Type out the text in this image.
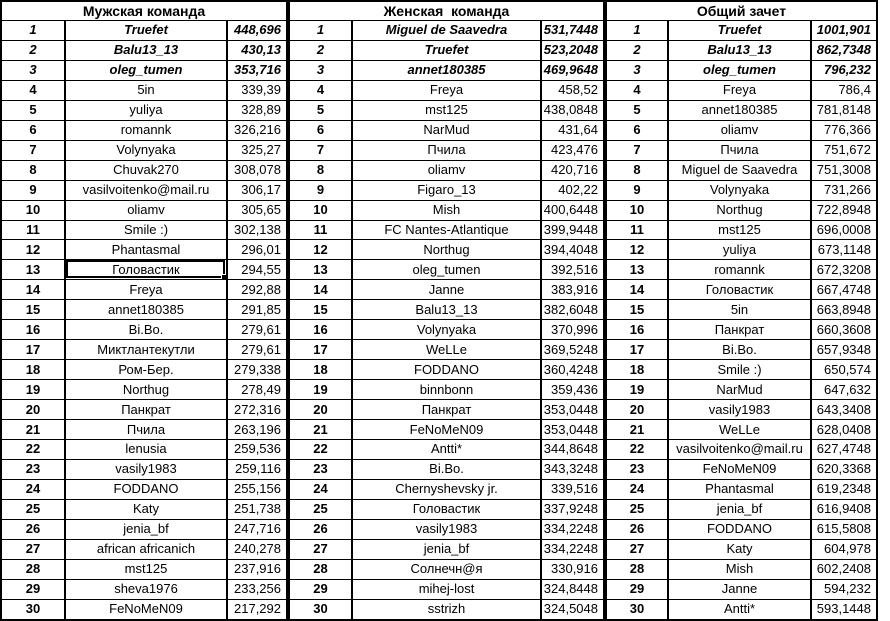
Мужская команда		
1	Truefet	448,696
2	Balu13_13	430,13
3	oleg_tumen	353,716
4	5in	339,39
5	yuliya	328,89
6	romannk	326,216
7	Volynyaka	325,27
8	Chuvak270	308,078
9	vasilvoitenko@mail.ru	306,17
10	oliamv	305,65
11	Smile :)	302,138
12	Phantasmal	296,01
13	Головастик	294,55
14	Freya	292,88
15	annet180385	291,85
16	Bi.Bo.	279,61
17	Миктлантекутли	279,61
18	Ром-Бер.	279,338
19	Northug	278,49
20	Панкрат	272,316
21	Пчила	263,196
22	lenusia	259,536
23	vasily1983	259,116
24	FODDANO	255,156
25	Katy	251,738
26	jenia_bf	247,716
27	african africanich	240,278
28	mst125	237,916
29	sheva1976	233,256
30	FeNoMeN09	217,292
Женская  команда		
1	Miguel de Saavedra	531,7448
2	Truefet	523,2048
3	annet180385	469,9648
4	Freya	458,52
5	mst125	438,0848
6	NarMud	431,64
7	Пчила	423,476
8	oliamv	420,716
9	Figaro_13	402,22
10	Mish	400,6448
11	FC Nantes-Atlantique	399,9448
12	Northug	394,4048
13	oleg_tumen	392,516
14	Janne	383,916
15	Balu13_13	382,6048
16	Volynyaka	370,996
17	WeLLe	369,5248
18	FODDANO	360,4248
19	binnbonn	359,436
20	Панкрат	353,0448
21	FeNoMeN09	353,0448
22	Antti*	344,8648
23	Bi.Bo.	343,3248
24	Chernyshevsky jr.	339,516
25	Головастик	337,9248
26	vasily1983	334,2248
27	jenia_bf	334,2248
28	Солнечн@я	330,916
29	mihej-lost	324,8448
30	sstrizh	324,5048
Общий зачет		
1	Truefet	1001,901
2	Balu13_13	862,7348
3	oleg_tumen	796,232
4	Freya	786,4
5	annet180385	781,8148
6	oliamv	776,366
7	Пчила	751,672
8	Miguel de Saavedra	751,3008
9	Volynyaka	731,266
10	Northug	722,8948
11	mst125	696,0008
12	yuliya	673,1148
13	romannk	672,3208
14	Головастик	667,4748
15	5in	663,8948
16	Панкрат	660,3608
17	Bi.Bo.	657,9348
18	Smile :)	650,574
19	NarMud	647,632
20	vasily1983	643,3408
21	WeLLe	628,0408
22	vasilvoitenko@mail.ru	627,4748
23	FeNoMeN09	620,3368
24	Phantasmal	619,2348
25	jenia_bf	616,9408
26	FODDANO	615,5808
27	Katy	604,978
28	Mish	602,2408
29	Janne	594,232
30	Antti*	593,1448
